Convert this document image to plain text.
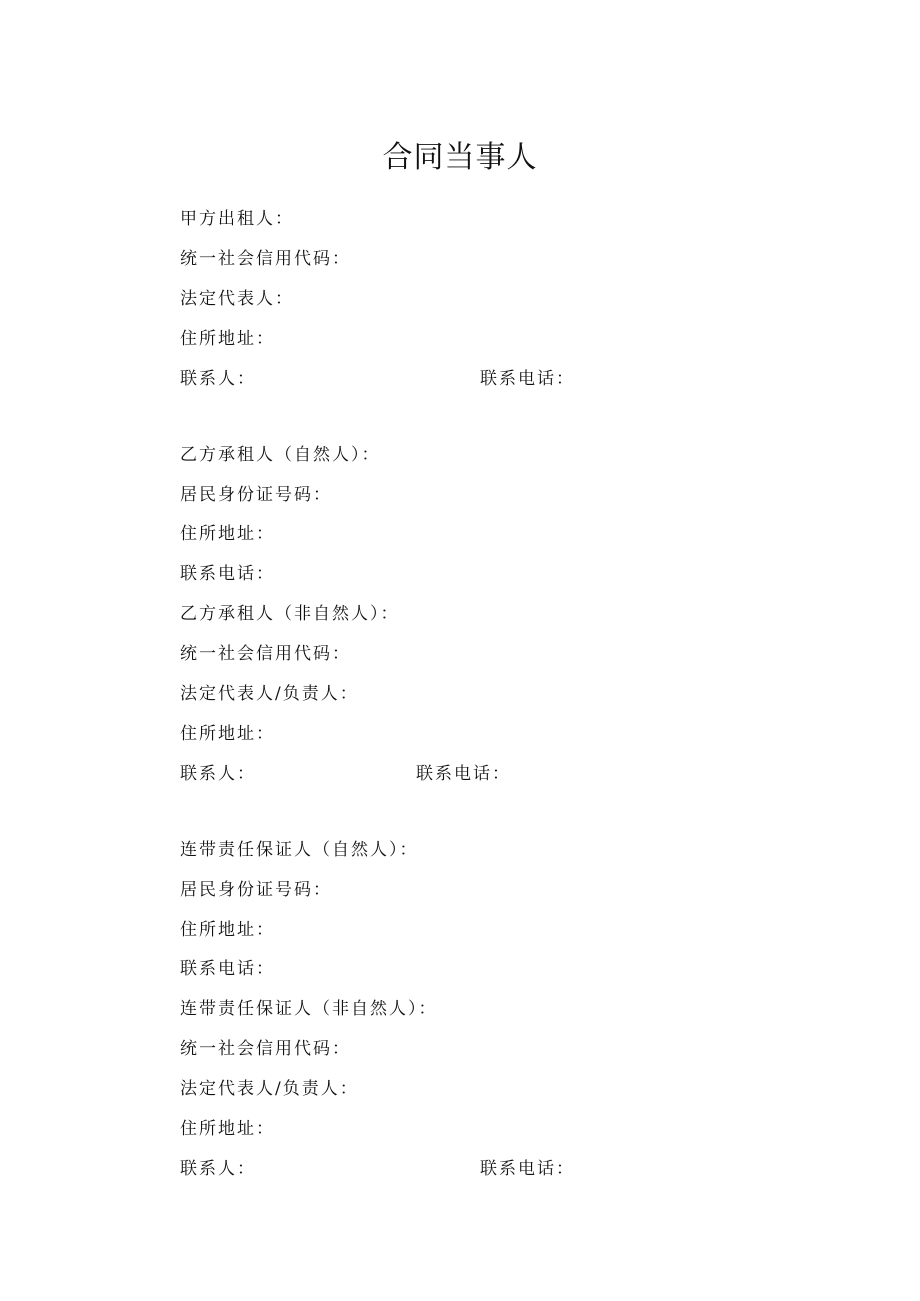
合同当事人
甲方出租人：
统一社会信用代码：
法定代表人：
住所地址：
联系人：	联系电话：
乙方承租人（自然人）：
居民身份证号码：
住所地址：
联系电话：
乙方承租人（非自然人）：
统一社会信用代码：
法定代表人/负责人：
住所地址：
联系人：	联系电话：
连带责任保证人（自然人）：
居民身份证号码：
住所地址：
联系电话：
连带责任保证人（非自然人）：
统一社会信用代码：
法定代表人/负责人：
住所地址：
联系人：	联系电话：
